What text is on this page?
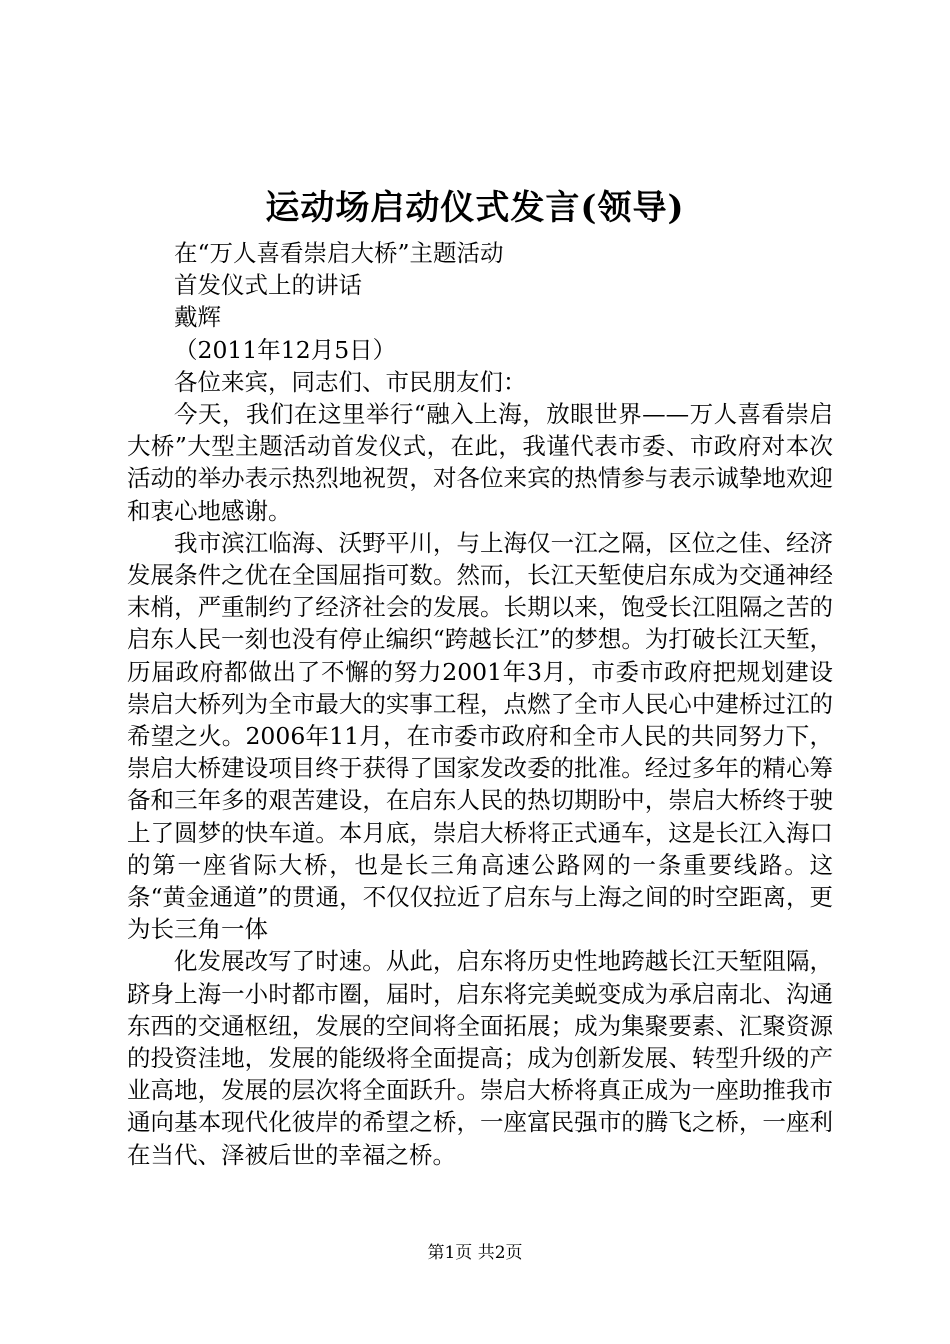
运动场启动仪式发言(领导)

在“万人喜看崇启大桥”主题活动

首发仪式上的讲话

戴辉

（2011年12月5日）

各位来宾，同志们、市民朋友们：

今天，我们在这里举行“融入上海，放眼世界——万人喜看崇启大桥”大型主题活动首发仪式，在此，我谨代表市委、市政府对本次活动的举办表示热烈地祝贺，对各位来宾的热情参与表示诚挚地欢迎和衷心地感谢。

我市滨江临海、沃野平川，与上海仅一江之隔，区位之佳、经济发展条件之优在全国屈指可数。然而，长江天堑使启东成为交通神经末梢，严重制约了经济社会的发展。长期以来，饱受长江阻隔之苦的启东人民一刻也没有停止编织“跨越长江”的梦想。为打破长江天堑，历届政府都做出了不懈的努力2001年3月，市委市政府把规划建设崇启大桥列为全市最大的实事工程，点燃了全市人民心中建桥过江的希望之火。2006年11月，在市委市政府和全市人民的共同努力下，崇启大桥建设项目终于获得了国家发改委的批准。经过多年的精心筹备和三年多的艰苦建设，在启东人民的热切期盼中，崇启大桥终于驶上了圆梦的快车道。本月底，崇启大桥将正式通车，这是长江入海口的第一座省际大桥，也是长三角高速公路网的一条重要线路。这条“黄金通道”的贯通，不仅仅拉近了启东与上海之间的时空距离，更为长三角一体

化发展改写了时速。从此，启东将历史性地跨越长江天堑阻隔，跻身上海一小时都市圈，届时，启东将完美蜕变成为承启南北、沟通东西的交通枢纽，发展的空间将全面拓展；成为集聚要素、汇聚资源的投资洼地，发展的能级将全面提高；成为创新发展、转型升级的产业高地，发展的层次将全面跃升。崇启大桥将真正成为一座助推我市通向基本现代化彼岸的希望之桥，一座富民强市的腾飞之桥，一座利在当代、泽被后世的幸福之桥。

第1页 共2页
